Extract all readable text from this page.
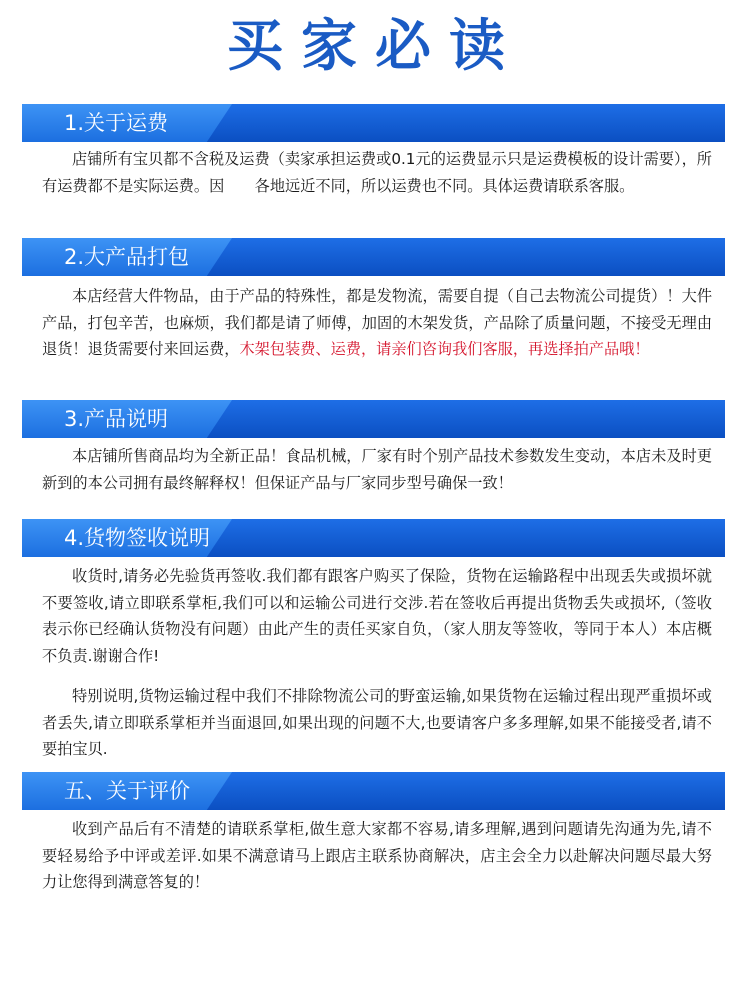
买家必读
1.关于运费

店铺所有宝贝都不含税及运费（卖家承担运费或0.1元的运费显示只是运费模板的设计需要），所有运费都不是实际运费。因　　各地远近不同，所以运费也不同。具体运费请联系客服。

2.大产品打包

本店经营大件物品，由于产品的特殊性，都是发物流，需要自提（自己去物流公司提货）！大件产品，打包辛苦，也麻烦，我们都是请了师傅，加固的木架发货，产品除了质量问题，不接受无理由退货！退货需要付来回运费，木架包装费、运费，请亲们咨询我们客服，再选择拍产品哦！

3.产品说明

本店铺所售商品均为全新正品！食品机械，厂家有时个别产品技术参数发生变动，本店未及时更新到的本公司拥有最终解释权！但保证产品与厂家同步型号确保一致！

4.货物签收说明

收货时,请务必先验货再签收.我们都有跟客户购买了保险，货物在运输路程中出现丢失或损坏就不要签收,请立即联系掌柜,我们可以和运输公司进行交涉.若在签收后再提出货物丢失或损坏,（签收表示你已经确认货物没有问题）由此产生的责任买家自负，（家人朋友等签收，等同于本人）本店概不负责.谢谢合作!

特别说明,货物运输过程中我们不排除物流公司的野蛮运输,如果货物在运输过程出现严重损坏或者丢失,请立即联系掌柜并当面退回,如果出现的问题不大,也要请客户多多理解,如果不能接受者,请不要拍宝贝.

五、关于评价

收到产品后有不清楚的请联系掌柜,做生意大家都不容易,请多理解,遇到问题请先沟通为先,请不要轻易给予中评或差评.如果不满意请马上跟店主联系协商解决，店主会全力以赴解决问题尽最大努力让您得到满意答复的！
